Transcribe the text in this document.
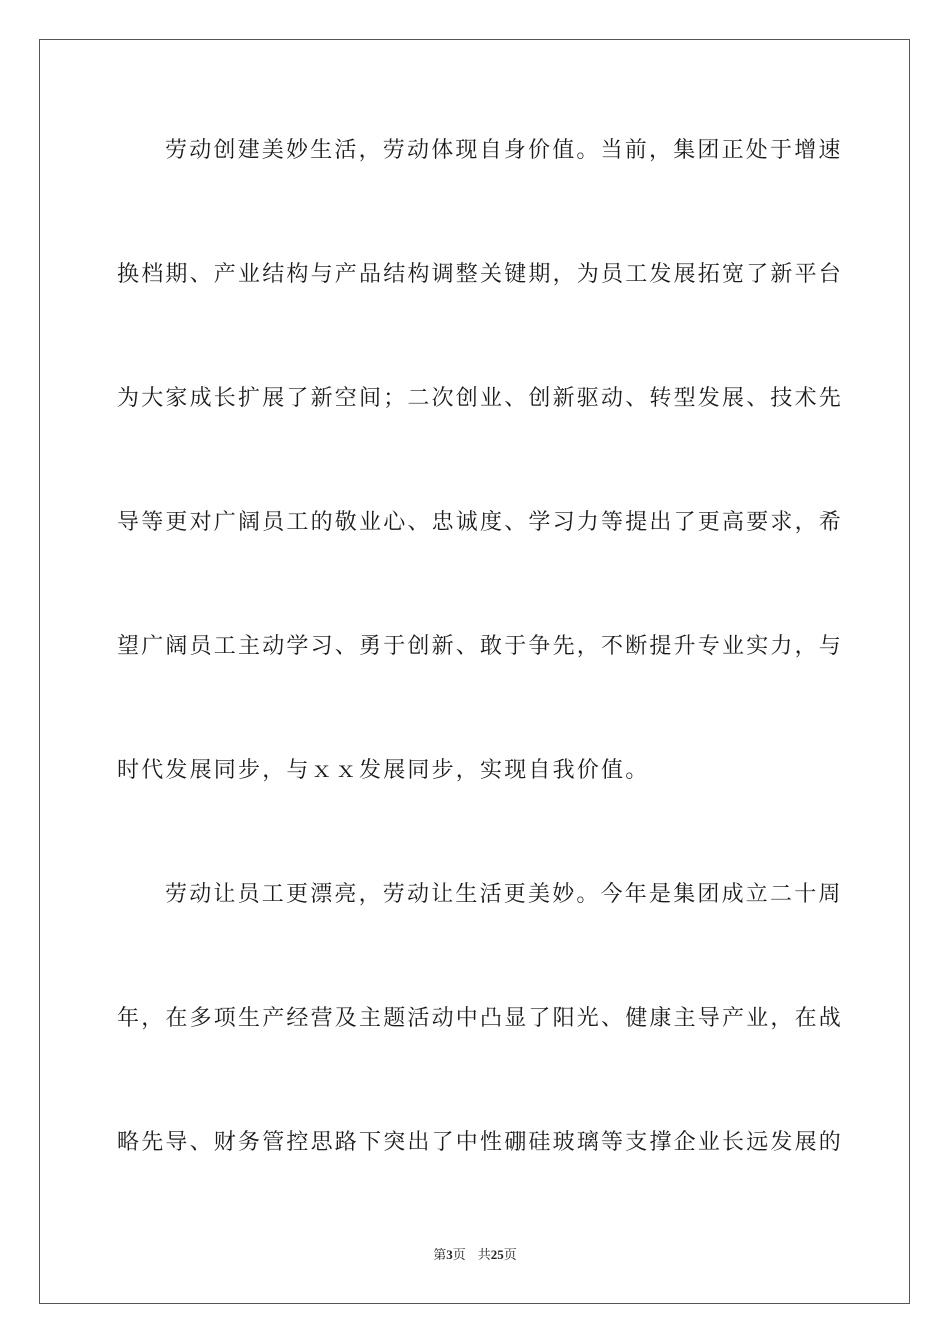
劳动创建美妙生活，劳动体现自身价值。当前，集团正处于增速
换档期、产业结构与产品结构调整关键期，为员工发展拓宽了新平台
为大家成长扩展了新空间；二次创业、创新驱动、转型发展、技术先
导等更对广阔员工的敬业心、忠诚度、学习力等提出了更高要求，希
望广阔员工主动学习、勇于创新、敢于争先，不断提升专业实力，与
时代发展同步，与ｘｘ发展同步，实现自我价值。
劳动让员工更漂亮，劳动让生活更美妙。今年是集团成立二十周
年，在多项生产经营及主题活动中凸显了阳光、健康主导产业，在战
略先导、财务管控思路下突出了中性硼硅玻璃等支撑企业长远发展的
第3页 共25页
